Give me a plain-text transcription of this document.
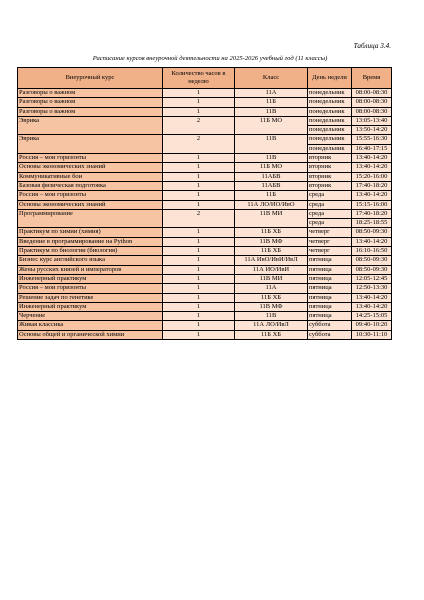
Таблица 3.4.
Расписание курсов внеурочной деятельности на 2025-2026 учебный год (11 классы)
Внеурочный курс	Количество часов в неделю	Класс	День недели	Время
Разговоры о важном	1	11А	понедельник	08:00-08:30
Разговоры о важном	1	11Б	понедельник	08:00-08:30
Разговоры о важном	1	11В	понедельник	08:00-08:30
Эврика	2	11Б МО	понедельник	13:05-13:40
			понедельник	13:50-14:20
Эврика	2	11В	понедельник	15:55-16:30
			понедельник	16:40-17:15
Россия – мои горизонты	1	11В	вторник	13:40-14:20
Основы экономических знаний	1	11Б МО	вторник	13:40-14:20
Коммуникативные бои	1	11АБВ	вторник	15:20-16:00
Базовая физическая подготовка	1	11АБВ	вторник	17:40-18:20
Россия – мои горизонты	1	11Б	среда	13:40-14:20
Основы экономических знаний	1	11А ЛО/ИО/ИвО	среда	15:15-16:00
Программирование	2	11В МИ	среда	17:40-18:20
			среда	18:25-18:55
Практикум по химии (химия)	1	11Б ХБ	четверг	08:50-09:30
Введение в программирование на Python	1	11В МФ	четверг	13:40-14:20
Практикум по биологии (биология)	1	11Б ХБ	четверг	16:10-16:50
Бизнес курс английского языка	1	11А ИвО/ИвИ/ИвЛ	пятница	08:50-09:30
Жены русских князей и императоров	1	11А ИО/ИвИ	пятница	08:50-09:30
Инженерный практикум	1	11В МИ	пятница	12:05-12:45
Россия – мои горизонты	1	11А	пятница	12:50-13:30
Решение задач по генетике	1	11Б ХБ	пятница	13:40-14:20
Инженерный практикум	1	11В МФ	пятница	13:40-14:20
Черчение	1	11В	пятница	14:25-15:05
Живая классика	1	11А ЛО/ИвЛ	суббота	09:40-10:20
Основы общей и органической химии	1	11Б ХБ	суббота	10:30-11:10
